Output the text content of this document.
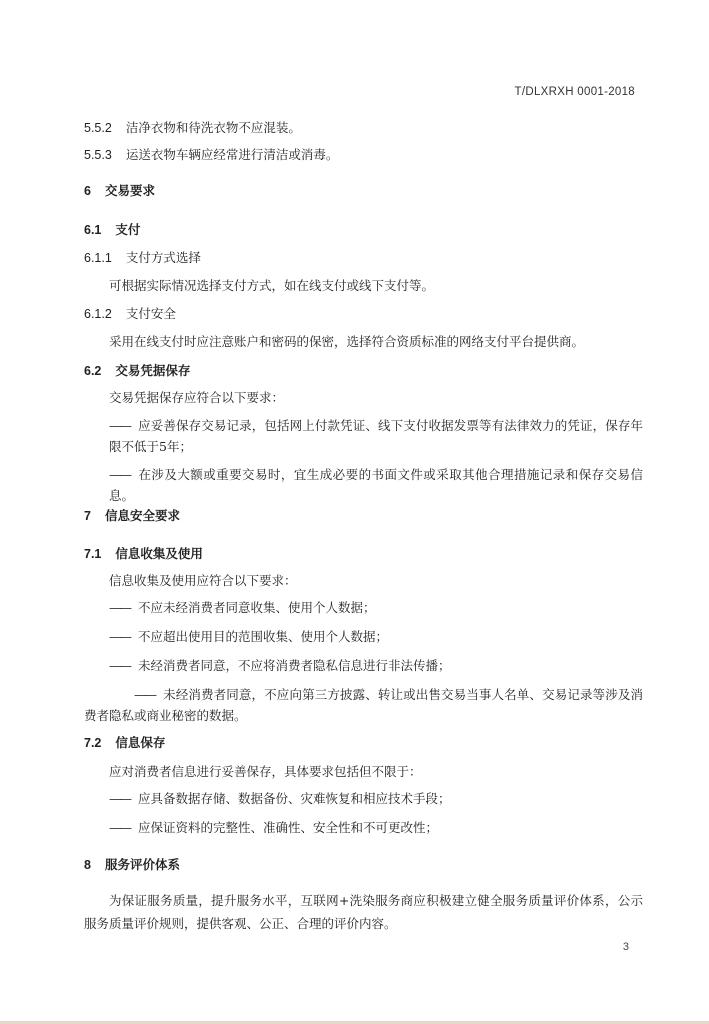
T/DLXRXH 0001-2018
5.5.2 洁净衣物和待洗衣物不应混装。
5.5.3 运送衣物车辆应经常进行清洁或消毒。
6 交易要求
6.1 支付
6.1.1 支付方式选择
可根据实际情况选择支付方式，如在线支付或线下支付等。
6.1.2 支付安全
采用在线支付时应注意账户和密码的保密，选择符合资质标准的网络支付平台提供商。
6.2 交易凭据保存
交易凭据保存应符合以下要求：
—— 应妥善保存交易记录，包括网上付款凭证、线下支付收据发票等有法律效力的凭证，保存年限不低于5年；
—— 在涉及大额或重要交易时，宜生成必要的书面文件或采取其他合理措施记录和保存交易信息。
7 信息安全要求
7.1 信息收集及使用
信息收集及使用应符合以下要求：
—— 不应未经消费者同意收集、使用个人数据；
—— 不应超出使用目的范围收集、使用个人数据；
—— 未经消费者同意，不应将消费者隐私信息进行非法传播；
—— 未经消费者同意，不应向第三方披露、转让或出售交易当事人名单、交易记录等涉及消费者隐私或商业秘密的数据。
7.2 信息保存
应对消费者信息进行妥善保存，具体要求包括但不限于：
—— 应具备数据存储、数据备份、灾难恢复和相应技术手段；
—— 应保证资料的完整性、准确性、安全性和不可更改性；
8 服务评价体系
为保证服务质量，提升服务水平，互联网+洗染服务商应积极建立健全服务质量评价体系，公示服务质量评价规则，提供客观、公正、合理的评价内容。
3
